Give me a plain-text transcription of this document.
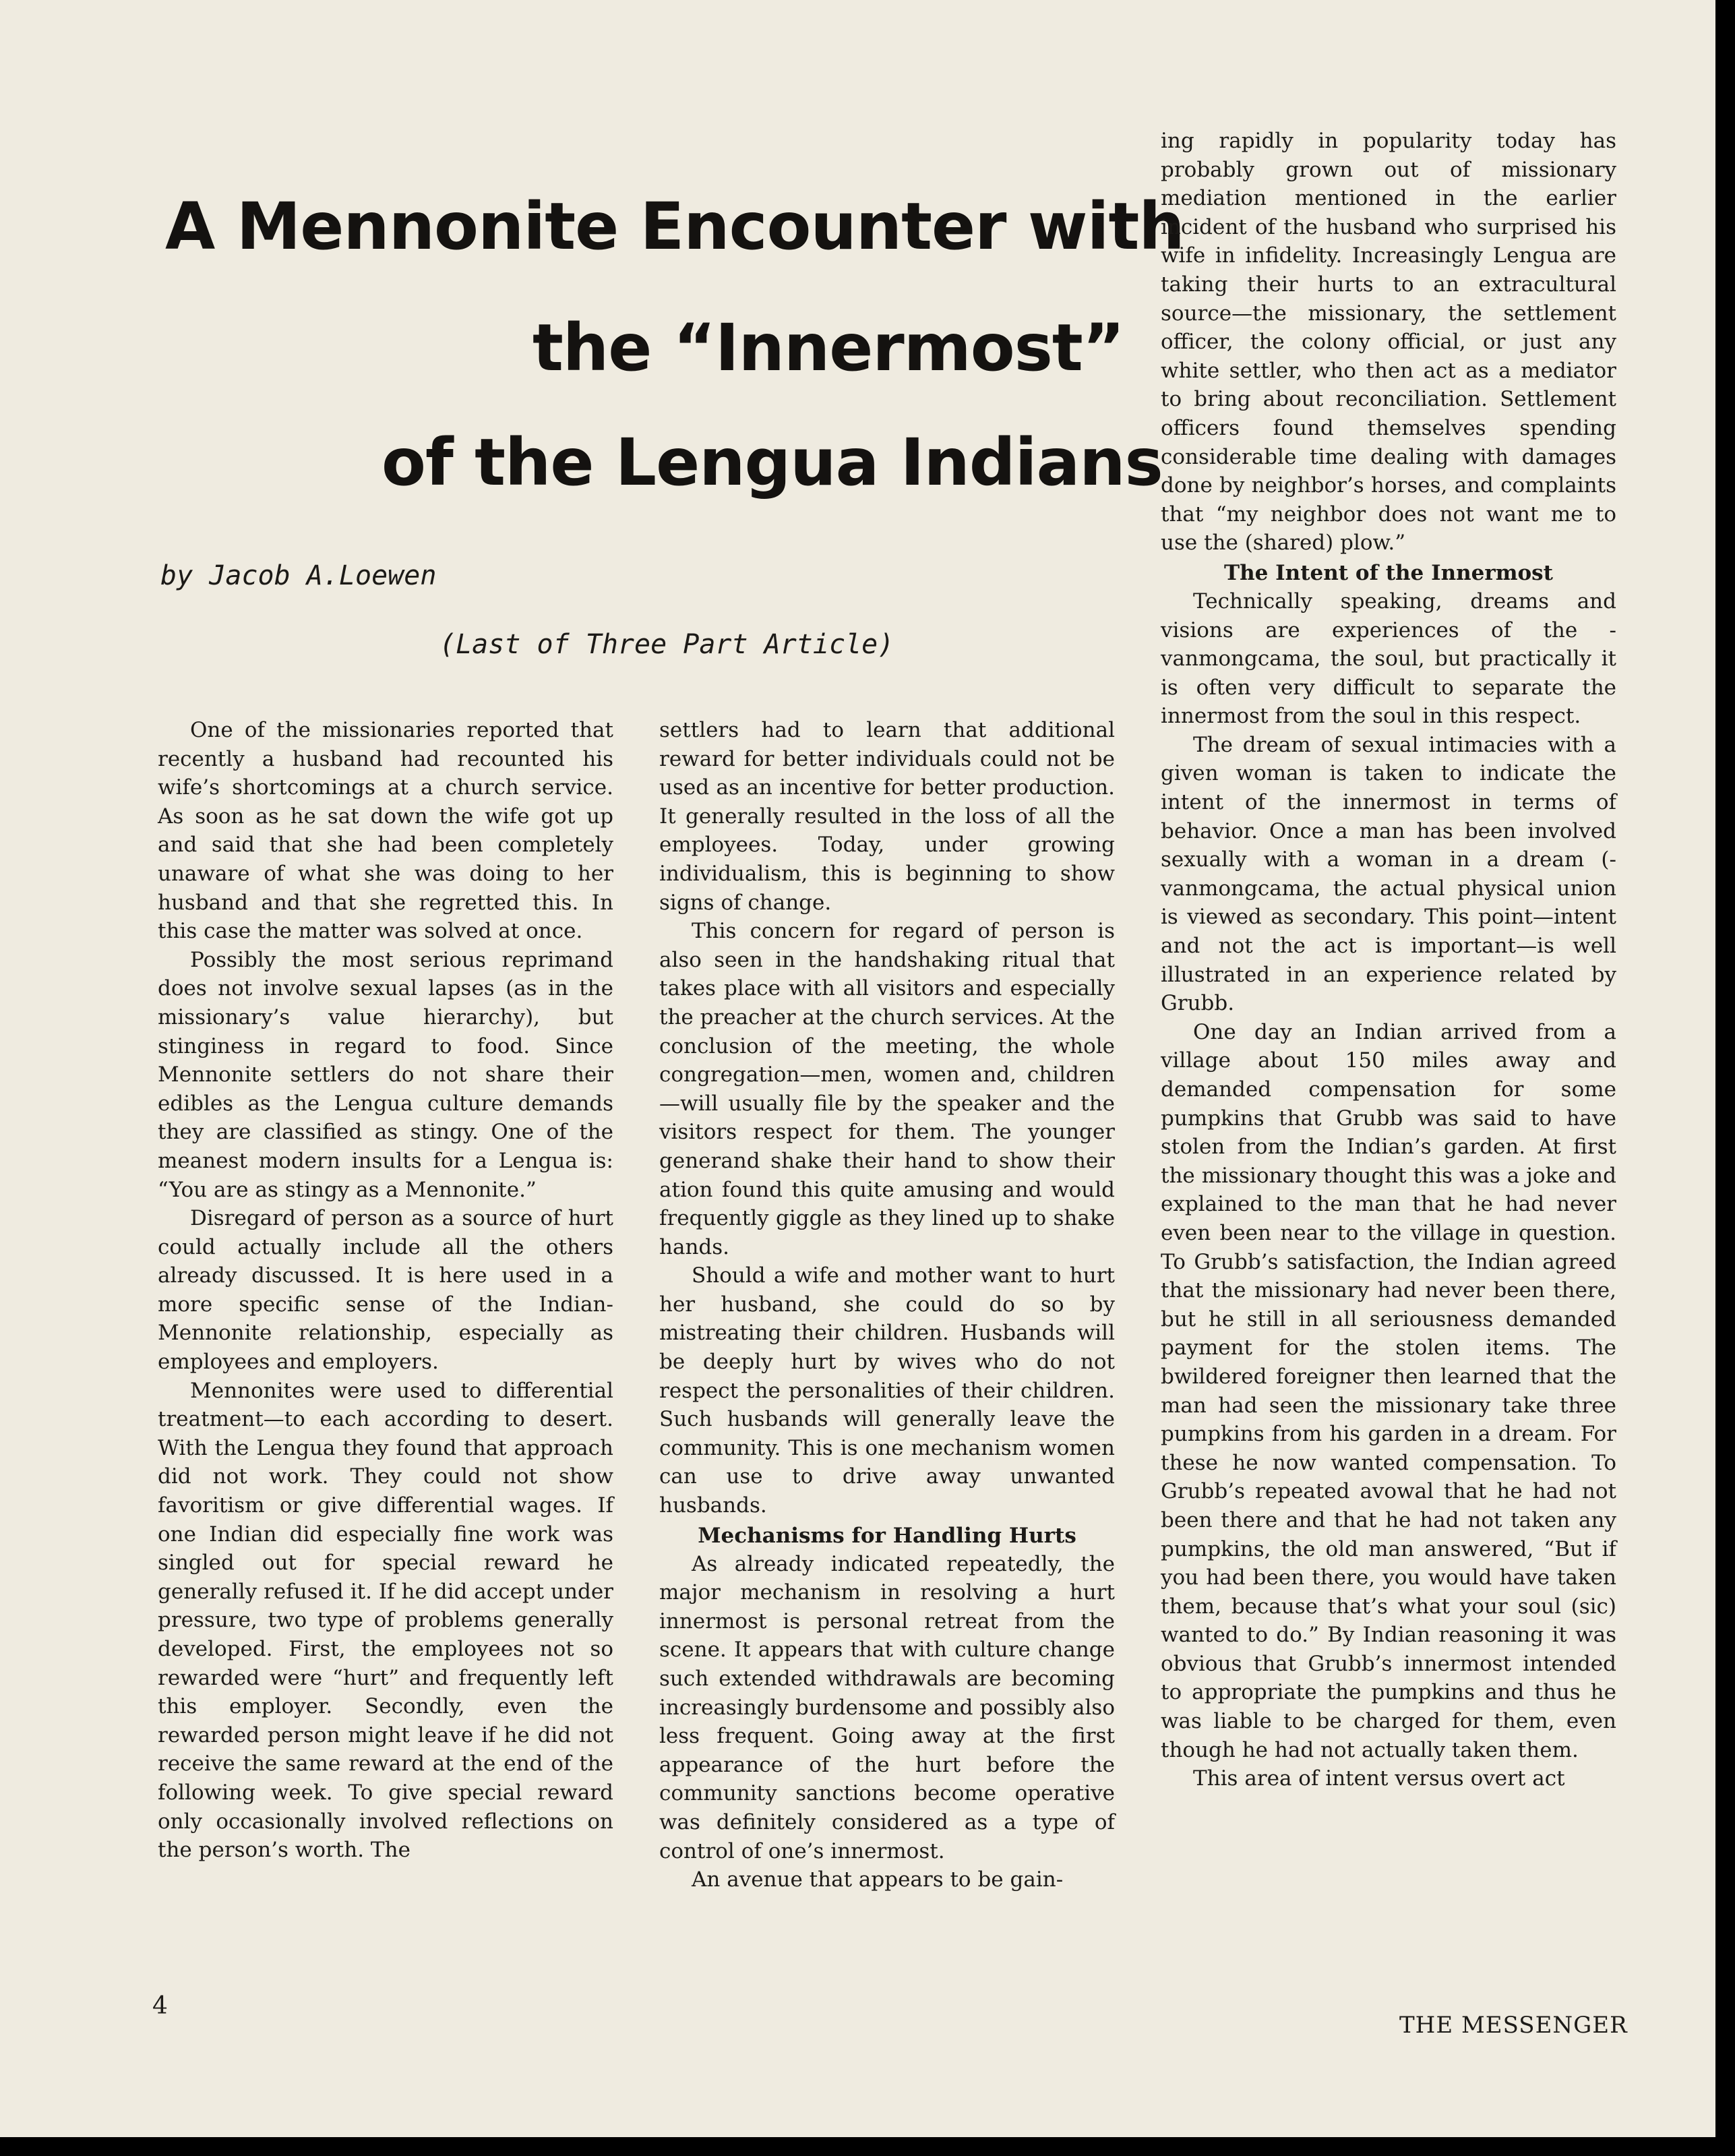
A Mennonite Encounter with
the “Innermost”
of the Lengua Indians
by Jacob A.Loewen
(Last of Three Part Article)

One of the missionaries reported that recently a husband had recounted his wife’s shortcomings at a church service. As soon as he sat down the wife got up and said that she had been completely unaware of what she was doing to her husband and that she regretted this. In this case the matter was solved at once.

Possibly the most serious reprimand does not involve sexual lapses (as in the missionary’s value hierarchy), but stinginess in regard to food. Since Mennonite settlers do not share their edibles as the Lengua culture demands they are classified as stingy. One of the meanest modern insults for a Lengua is: “You are as stingy as a Mennonite.”

Disregard of person as a source of hurt could actually include all the others already discussed. It is here used in a more specific sense of the Indian-Mennonite relationship, especially as employees and employers.

Mennonites were used to differential treatment—to each according to desert. With the Lengua they found that approach did not work. They could not show favoritism or give differential wages. If one Indian did especially fine work was singled out for special reward he generally refused it. If he did accept under pressure, two type of problems generally developed. First, the employees not so rewarded were “hurt” and frequently left this employer. Secondly, even the rewarded person might leave if he did not receive the same reward at the end of the following week. To give special reward only occasionally involved reflections on the person’s worth. The

settlers had to learn that additional reward for better individuals could not be used as an incentive for better production. It generally resulted in the loss of all the employees. Today, under growing individualism, this is beginning to show signs of change.

This concern for regard of person is also seen in the handshaking ritual that takes place with all visitors and especially the preacher at the church services. At the conclusion of the meeting, the whole congregation—men, women and, children—will usually file by the speaker and the visitors respect for them. The younger generand shake their hand to show their ation found this quite amusing and would frequently giggle as they lined up to shake hands.

Should a wife and mother want to hurt her husband, she could do so by mistreating their children. Husbands will be deeply hurt by wives who do not respect the personalities of their children. Such husbands will generally leave the community. This is one mechanism women can use to drive away unwanted husbands.

Mechanisms for Handling Hurts

As already indicated repeatedly, the major mechanism in resolving a hurt innermost is personal retreat from the scene. It appears that with culture change such extended withdrawals are becoming increasingly burdensome and possibly also less frequent. Going away at the first appearance of the hurt before the community sanctions become operative was definitely considered as a type of control of one’s innermost.

An avenue that appears to be gain-

ing rapidly in popularity today has probably grown out of missionary mediation mentioned in the earlier incident of the husband who surprised his wife in infidelity. Increasingly Lengua are taking their hurts to an extracultural source—the missionary, the settlement officer, the colony official, or just any white settler, who then act as a mediator to bring about reconciliation. Settlement officers found themselves spending considerable time dealing with damages done by neighbor’s horses, and complaints that “my neighbor does not want me to use the (shared) plow.”

The Intent of the Innermost

Technically speaking, dreams and visions are experiences of the -vanmongcama, the soul, but practically it is often very difficult to separate the innermost from the soul in this respect.

The dream of sexual intimacies with a given woman is taken to indicate the intent of the innermost in terms of behavior. Once a man has been involved sexually with a woman in a dream (-vanmongcama, the actual physical union is viewed as secondary. This point—intent and not the act is important—is well illustrated in an experience related by Grubb.

One day an Indian arrived from a village about 150 miles away and demanded compensation for some pumpkins that Grubb was said to have stolen from the Indian’s garden. At first the missionary thought this was a joke and explained to the man that he had never even been near to the village in question. To Grubb’s satisfaction, the Indian agreed that the missionary had never been there, but he still in all seriousness demanded payment for the stolen items. The bwildered foreigner then learned that the man had seen the missionary take three pumpkins from his garden in a dream. For these he now wanted compensation. To Grubb’s repeated avowal that he had not been there and that he had not taken any pumpkins, the old man answered, “But if you had been there, you would have taken them, because that’s what your soul (sic) wanted to do.” By Indian reasoning it was obvious that Grubb’s innermost intended to appropriate the pumpkins and thus he was liable to be charged for them, even though he had not actually taken them.

This area of intent versus overt act

4
THE MESSENGER
